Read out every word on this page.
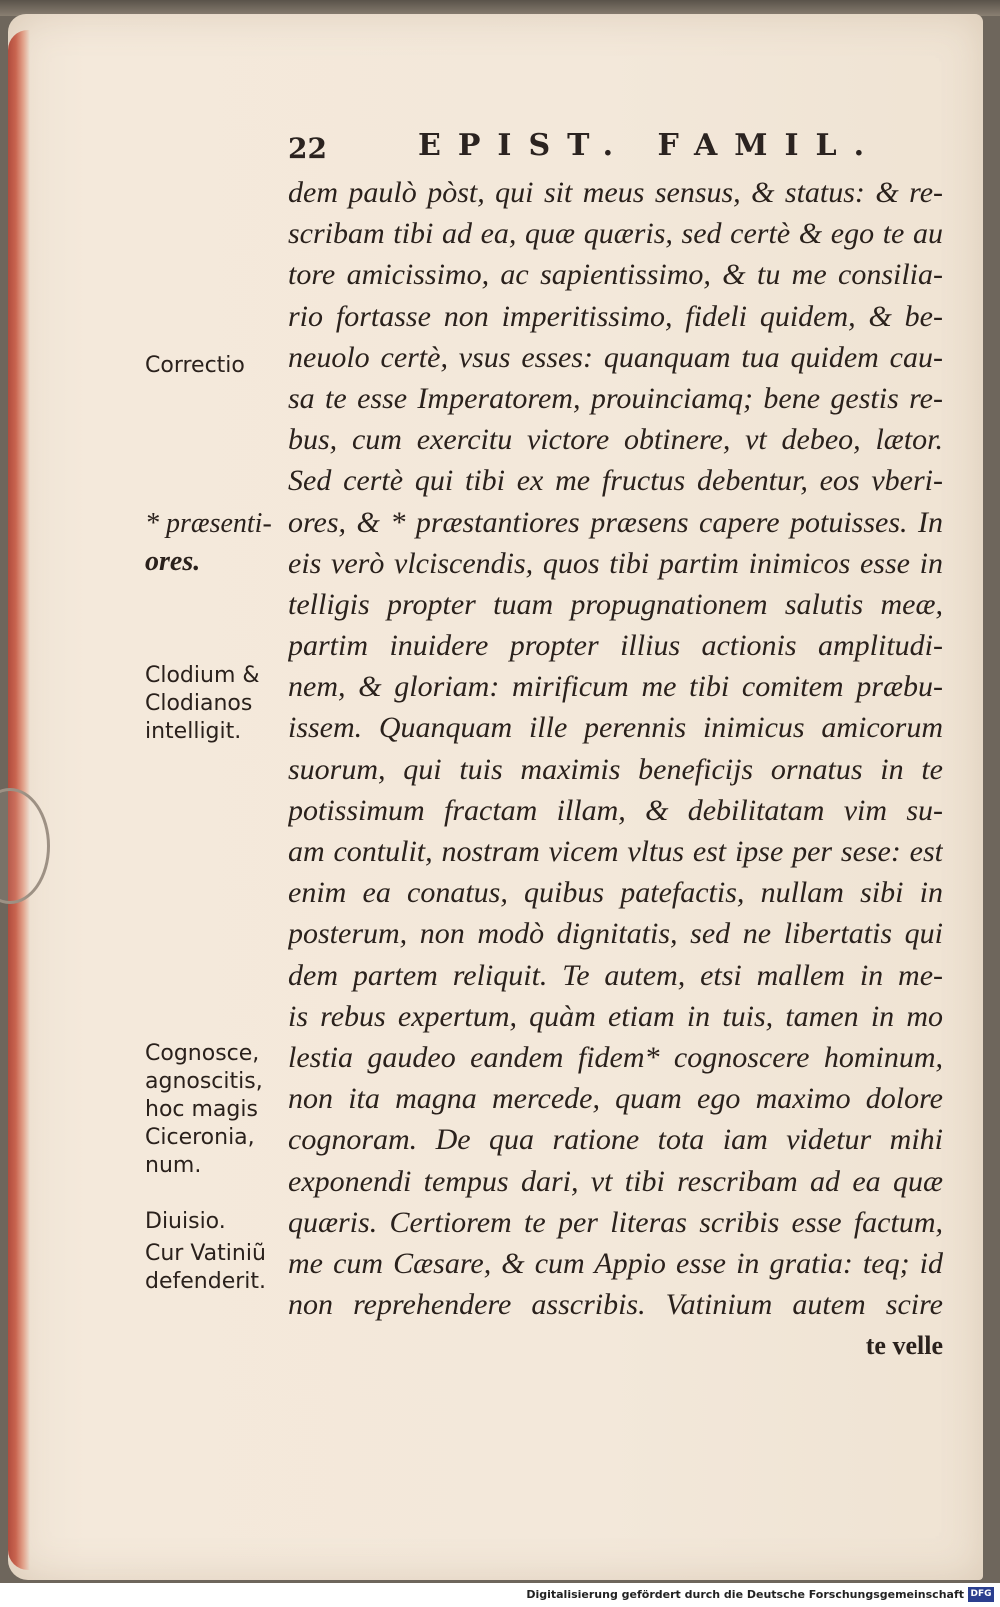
22	EPIST. FAMIL.
dem paulò pòst, qui sit meus sensus, & status: & re-
scribam tibi ad ea, quæ quæris, sed certè & ego te au
tore amicissimo, ac sapientissimo, & tu me consilia-
rio fortasse non imperitissimo, fideli quidem, & be-
neuolo certè, vsus esses: quanquam tua quidem cau-
sa te esse Imperatorem, prouinciamq; bene gestis re-
bus, cum exercitu victore obtinere, vt debeo, lætor.
Sed certè qui tibi ex me fructus debentur, eos vberi-
ores, & * præstantiores præsens capere potuisses. In
eis verò vlciscendis, quos tibi partim inimicos esse in
telligis propter tuam propugnationem salutis meæ,
partim inuidere propter illius actionis amplitudi-
nem, & gloriam: mirificum me tibi comitem præbu-
issem. Quanquam ille perennis inimicus amicorum
suorum, qui tuis maximis beneficijs ornatus in te
potissimum fractam illam, & debilitatam vim su-
am contulit, nostram vicem vltus est ipse per sese: est
enim ea conatus, quibus patefactis, nullam sibi in
posterum, non modò dignitatis, sed ne libertatis qui
dem partem reliquit. Te autem, etsi mallem in me-
is rebus expertum, quàm etiam in tuis, tamen in mo
lestia gaudeo eandem fidem* cognoscere hominum,
non ita magna mercede, quam ego maximo dolore
cognoram. De qua ratione tota iam videtur mihi
exponendi tempus dari, vt tibi rescribam ad ea quæ
quæris. Certiorem te per literas scribis esse factum,
me cum Cæsare, & cum Appio esse in gratia: teq; id
non reprehendere asscribis. Vatinium autem scire
te velle
Correctio
* præsenti-
ores.
Clodium &
Clodianos
intelligit.
Cognosce,
agnoscitis,
hoc magis
Ciceronia,
num.
Diuisio.
Cur Vatiniũ
defenderit.
Digitalisierung gefördert durch die Deutsche Forschungsgemeinschaft DFG
